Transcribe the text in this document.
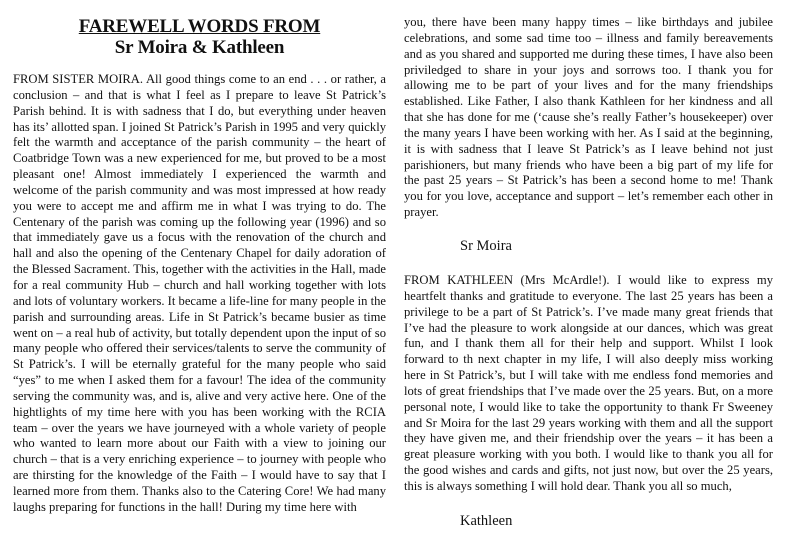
FAREWELL WORDS FROM
Sr Moira & Kathleen

FROM SISTER MOIRA. All good things come to an end . . . or rather, a conclusion – and that is what I feel as I prepare to leave St Patrick’s Parish behind. It is with sadness that I do, but everything under heaven has its’ allotted span. I joined St Patrick’s Parish in 1995 and very quickly felt the warmth and acceptance of the parish community – the heart of Coatbridge Town was a new experienced for me, but proved to be a most pleasant one! Almost immediately I experienced the warmth and welcome of the parish community and was most impressed at how ready you were to accept me and affirm me in what I was trying to do. The Centenary of the parish was coming up the following year (1996) and so that immediately gave us a focus with the renovation of the church and hall and also the opening of the Centenary Chapel for daily adoration of the Blessed Sacrament. This, together with the activities in the Hall, made for a real community Hub – church and hall working together with lots and lots of voluntary workers. It became a life-line for many people in the parish and surrounding areas. Life in St Patrick’s became busier as time went on – a real hub of activity, but totally dependent upon the input of so many people who offered their services/talents to serve the community of St Patrick’s. I will be eternally grateful for the many people who said “yes” to me when I asked them for a favour! The idea of the community serving the community was, and is, alive and very active here. One of the hightlights of my time here with you has been working with the RCIA team – over the years we have journeyed with a whole variety of people who wanted to learn more about our Faith with a view to joining our church – that is a very enriching experience – to journey with people who are thirsting for the knowledge of the Faith – I would have to say that I learned more from them. Thanks also to the Catering Core! We had many laughs preparing for functions in the hall! During my time here with

you, there have been many happy times – like birthdays and jubilee celebrations, and some sad time too – illness and family bereavements and as you shared and supported me during these times, I have also been priviledged to share in your joys and sorrows too. I thank you for allowing me to be part of your lives and for the many friendships established. Like Father, I also thank Kathleen for her kindness and all that she has done for me (‘cause she’s really Father’s housekeeper) over the many years I have been working with her. As I said at the beginning, it is with sadness that I leave St Patrick’s as I leave behind not just parishioners, but many friends who have been a big part of my life for the past 25 years – St Patrick’s has been a second home to me! Thank you for you love, acceptance and support – let’s remember each other in prayer.

Sr Moira

FROM KATHLEEN (Mrs McArdle!). I would like to express my heartfelt thanks and gratitude to everyone. The last 25 years has been a privilege to be a part of St Patrick’s. I’ve made many great friends that I’ve had the pleasure to work alongside at our dances, which was great fun, and I thank them all for their help and support. Whilst I look forward to th next chapter in my life, I will also deeply miss working here in St Patrick’s, but I will take with me endless fond memories and lots of great friendships that I’ve made over the 25 years. But, on a more personal note, I would like to take the opportunity to thank Fr Sweeney and Sr Moira for the last 29 years working with them and all the support they have given me, and their friendship over the years – it has been a great pleasure working with you both. I would like to thank you all for the good wishes and cards and gifts, not just now, but over the 25 years, this is always something I will hold dear. Thank you all so much,

Kathleen
